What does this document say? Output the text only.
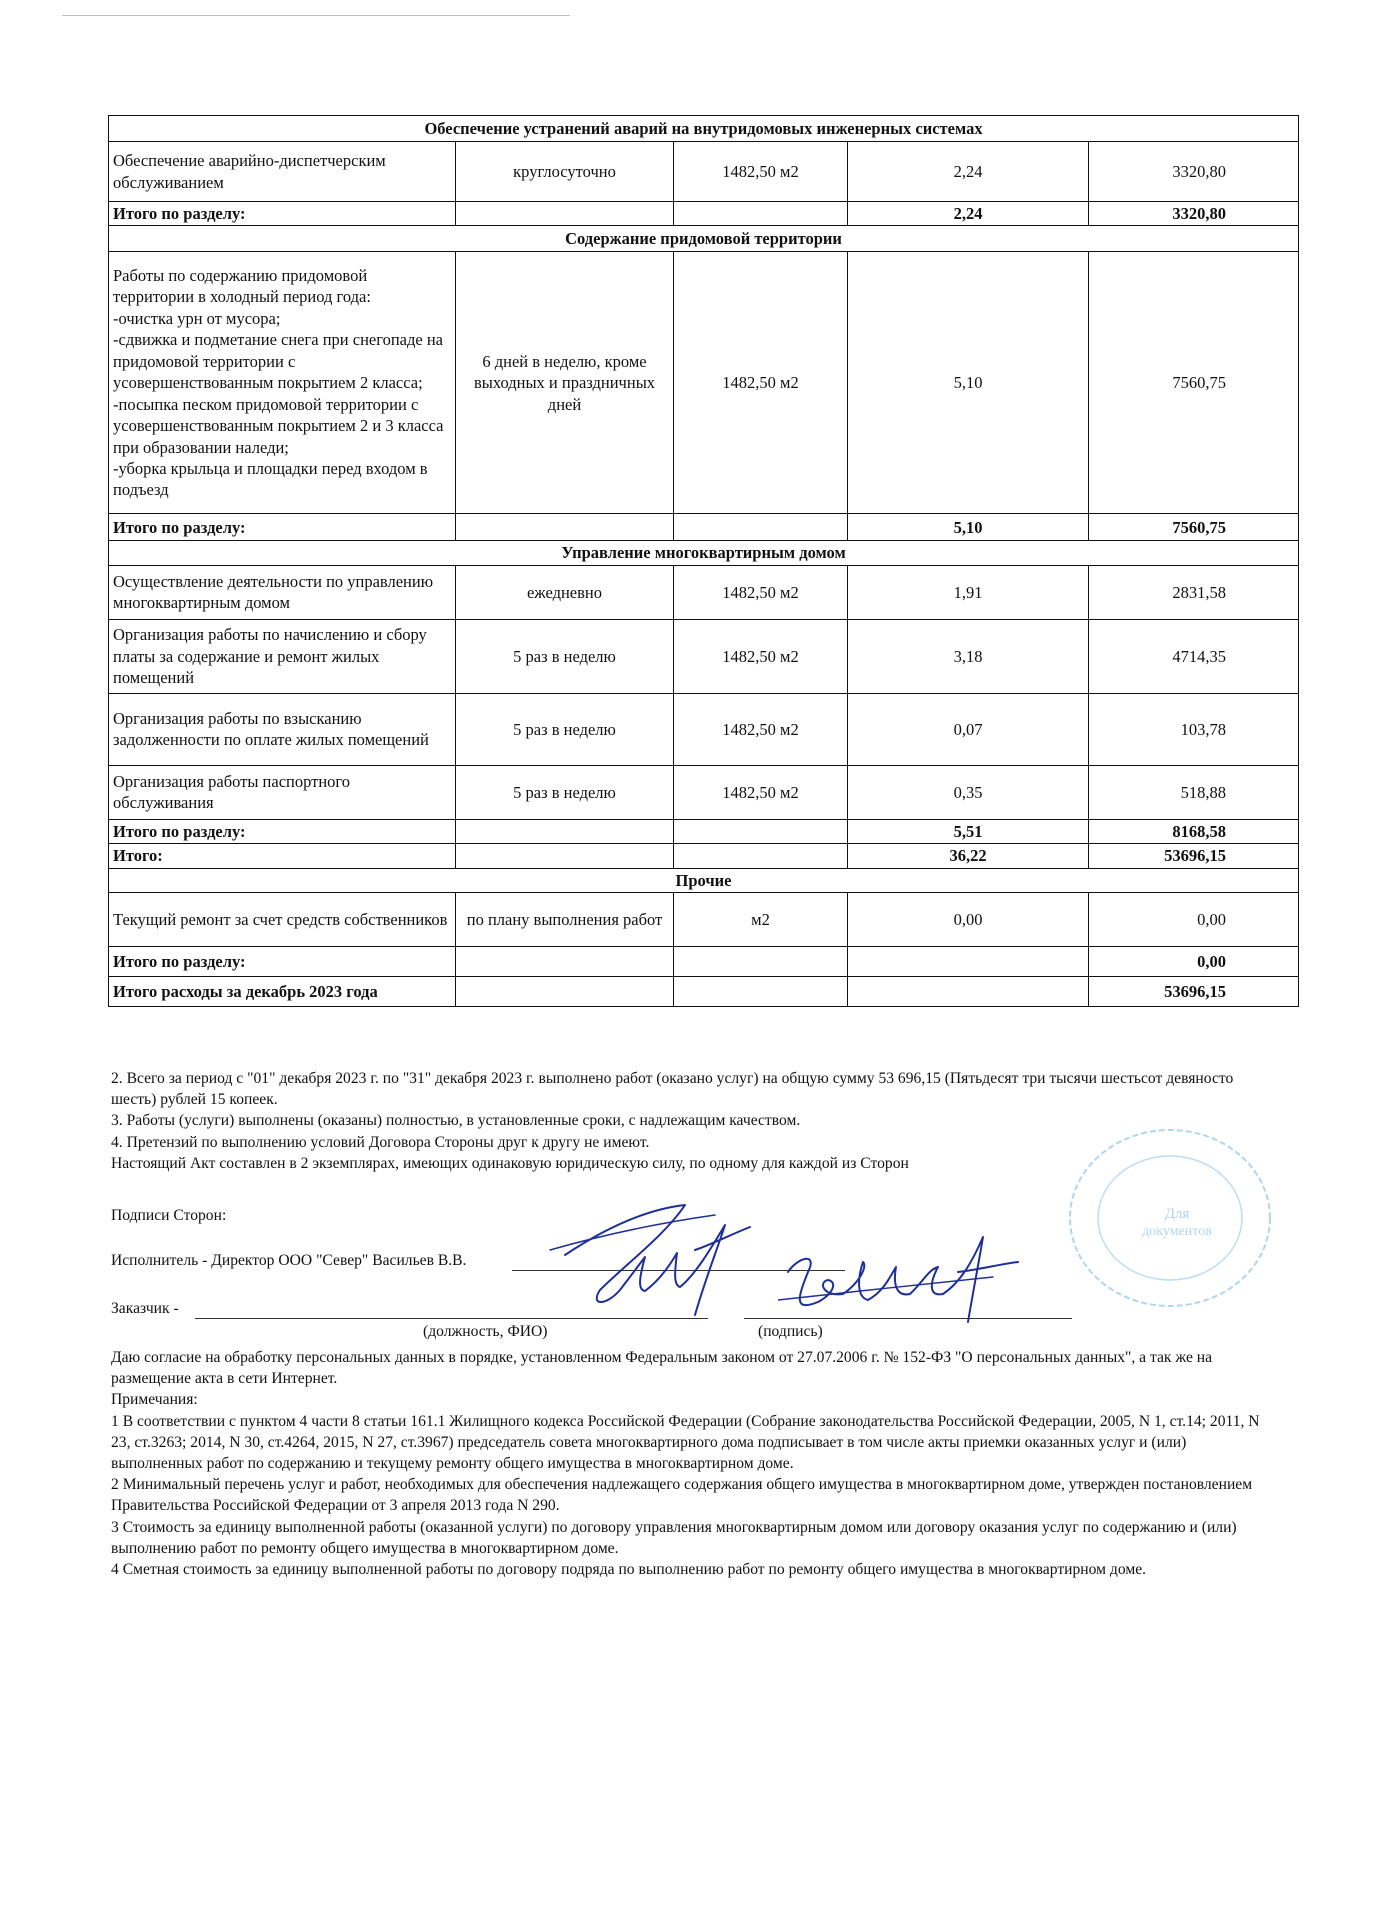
Обеспечение устранений аварий на внутридомовых инженерных системах				
Обеспечение аварийно-диспетчерским обслуживанием	круглосуточно	1482,50 м2	2,24	3320,80
Итого по разделу:			2,24	3320,80
Содержание придомовой территории				

Работы по содержанию придомовой территории в холодный период года:
-очистка урн от мусора;
-сдвижка и подметание снега при снегопаде на придомовой территории с усовершенствованным покрытием 2 класса;
-посыпка песком придомовой территории с усовершенствованным покрытием 2 и 3 класса при образовании наледи;
-уборка крыльца и площадки перед входом в подъезд	6 дней в неделю, кроме выходных и праздничных дней	1482,50 м2	5,10	7560,75
Итого по разделу:			5,10	7560,75
Управление многоквартирным домом				
Осуществление деятельности по управлению многоквартирным домом	ежедневно	1482,50 м2	1,91	2831,58
Организация работы по начислению и сбору платы за содержание и ремонт жилых помещений	5 раз в неделю	1482,50 м2	3,18	4714,35
Организация работы по взысканию задолженности по оплате жилых помещений	5 раз в неделю	1482,50 м2	0,07	103,78
Организация работы паспортного обслуживания	5 раз в неделю	1482,50 м2	0,35	518,88
Итого по разделу:			5,51	8168,58
Итого:			36,22	53696,15
Прочие				
Текущий ремонт за счет средств собственников	по плану выполнения работ	м2	0,00	0,00
Итого по разделу:				0,00
Итого расходы за декабрь 2023 года				53696,15

2. Всего за период с "01" декабря 2023 г. по "31" декабря 2023 г. выполнено работ (оказано услуг) на общую сумму 53 696,15 (Пятьдесят три тысячи шестьсот девяносто шесть) рублей 15 копеек.

3. Работы (услуги) выполнены (оказаны) полностью, в установленные сроки, с надлежащим качеством.

4. Претензий по выполнению условий Договора Стороны друг к другу не имеют.

Настоящий Акт составлен в 2 экземплярах, имеющих одинаковую юридическую силу, по одному для каждой из Сторон

Подписи Сторон:
Исполнитель - Директор ООО "Север" Васильев В.В.
Заказчик -
(должность, ФИО)	(подпись)

Даю согласие на обработку персональных данных в порядке, установленном Федеральным законом от 27.07.2006 г. № 152-ФЗ "О персональных данных", а так же на размещение акта в сети Интернет.

Примечания:

1 В соответствии с пунктом 4 части 8 статьи 161.1 Жилищного кодекса Российской Федерации (Собрание законодательства Российской Федерации, 2005, N 1, ст.14; 2011, N 23, ст.3263; 2014, N 30, ст.4264, 2015, N 27, ст.3967) председатель совета многоквартирного дома подписывает в том числе акты приемки оказанных услуг и (или) выполненных работ по содержанию и текущему ремонту общего имущества в многоквартирном доме.

2 Минимальный перечень услуг и работ, необходимых для обеспечения надлежащего содержания общего имущества в многоквартирном доме, утвержден постановлением Правительства Российской Федерации от 3 апреля 2013 года N 290.

3 Стоимость за единицу выполненной работы (оказанной услуги) по договору управления многоквартирным домом или договору оказания услуг по содержанию и (или) выполнению работ по ремонту общего имущества в многоквартирном доме.

4 Сметная стоимость за единицу выполненной работы по договору подряда по выполнению работ по ремонту общего имущества в многоквартирном доме.

Для
документов
